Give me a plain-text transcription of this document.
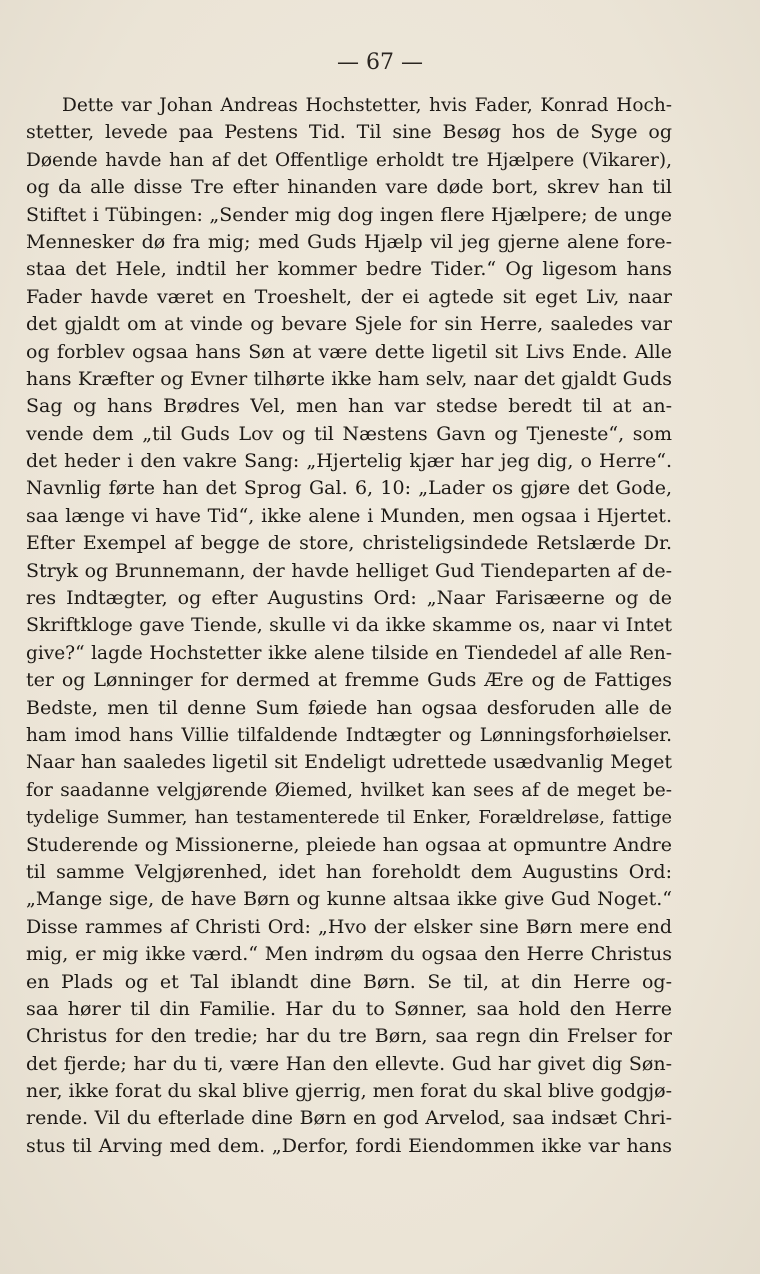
— 67 —
Dette var Johan Andreas Hochstetter, hvis Fader, Konrad Hoch-
stetter, levede paa Pestens Tid. Til sine Besøg hos de Syge og
Døende havde han af det Offentlige erholdt tre Hjælpere (Vikarer),
og da alle disse Tre efter hinanden vare døde bort, skrev han til
Stiftet i Tübingen: „Sender mig dog ingen flere Hjælpere; de unge
Mennesker dø fra mig; med Guds Hjælp vil jeg gjerne alene fore-
staa det Hele, indtil her kommer bedre Tider.“ Og ligesom hans
Fader havde været en Troeshelt, der ei agtede sit eget Liv, naar
det gjaldt om at vinde og bevare Sjele for sin Herre, saaledes var
og forblev ogsaa hans Søn at være dette ligetil sit Livs Ende. Alle
hans Kræfter og Evner tilhørte ikke ham selv, naar det gjaldt Guds
Sag og hans Brødres Vel, men han var stedse beredt til at an-
vende dem „til Guds Lov og til Næstens Gavn og Tjeneste“, som
det heder i den vakre Sang: „Hjertelig kjær har jeg dig, o Herre“.
Navnlig førte han det Sprog Gal. 6, 10: „Lader os gjøre det Gode,
saa længe vi have Tid“, ikke alene i Munden, men ogsaa i Hjertet.
Efter Exempel af begge de store, christeligsindede Retslærde Dr.
Stryk og Brunnemann, der havde helliget Gud Tiendeparten af de-
res Indtægter, og efter Augustins Ord: „Naar Farisæerne og de
Skriftkloge gave Tiende, skulle vi da ikke skamme os, naar vi Intet
give?“ lagde Hochstetter ikke alene tilside en Tiendedel af alle Ren-
ter og Lønninger for dermed at fremme Guds Ære og de Fattiges
Bedste, men til denne Sum føiede han ogsaa desforuden alle de
ham imod hans Villie tilfaldende Indtægter og Lønningsforhøielser.
Naar han saaledes ligetil sit Endeligt udrettede usædvanlig Meget
for saadanne velgjørende Øiemed, hvilket kan sees af de meget be-
tydelige Summer, han testamenterede til Enker, Forældreløse, fattige
Studerende og Missionerne, pleiede han ogsaa at opmuntre Andre
til samme Velgjørenhed, idet han foreholdt dem Augustins Ord:
„Mange sige, de have Børn og kunne altsaa ikke give Gud Noget.“
Disse rammes af Christi Ord: „Hvo der elsker sine Børn mere end
mig, er mig ikke værd.“ Men indrøm du ogsaa den Herre Christus
en Plads og et Tal iblandt dine Børn. Se til, at din Herre og-
saa hører til din Familie. Har du to Sønner, saa hold den Herre
Christus for den tredie; har du tre Børn, saa regn din Frelser for
det fjerde; har du ti, være Han den ellevte. Gud har givet dig Søn-
ner, ikke forat du skal blive gjerrig, men forat du skal blive godgjø-
rende. Vil du efterlade dine Børn en god Arvelod, saa indsæt Chri-
stus til Arving med dem. „Derfor, fordi Eiendommen ikke var hans
